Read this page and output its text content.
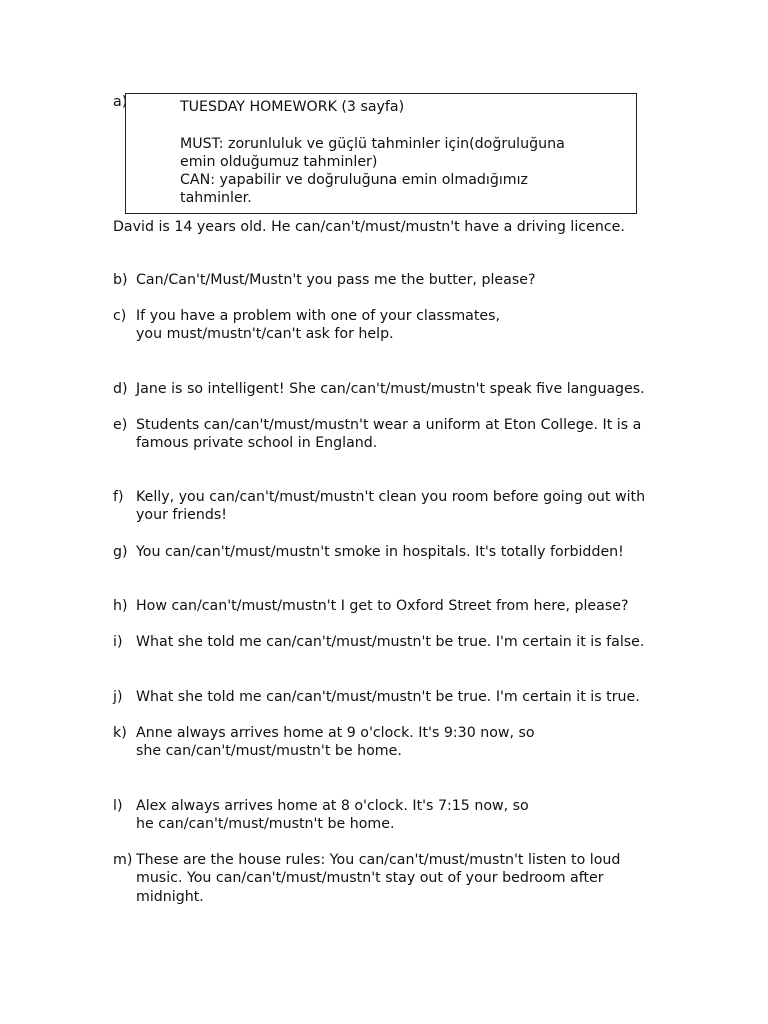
a)	TUESDAY HOMEWORK (3 sayfa)
MUST: zorunluluk ve güçlü tahminler için(doğruluğuna
emin olduğumuz tahminler)
CAN: yapabilir ve doğruluğuna emin olmadığımız
tahminler.
David is 14 years old. He can/can't/must/mustn't have a driving licence.
b) Can/Can't/Must/Mustn't you pass me the butter, please?
c) If you have a problem with one of your classmates,
you must/mustn't/can't ask for help.
d) Jane is so intelligent! She can/can't/must/mustn't speak five languages.
e) Students can/can't/must/mustn't wear a uniform at Eton College. It is a
famous private school in England.
f) Kelly, you can/can't/must/mustn't clean you room before going out with
your friends!
g) You can/can't/must/mustn't smoke in hospitals. It's totally forbidden!
h) How can/can't/must/mustn't I get to Oxford Street from here, please?
i) What she told me can/can't/must/mustn't be true. I'm certain it is false.
j) What she told me can/can't/must/mustn't be true. I'm certain it is true.
k) Anne always arrives home at 9 o'clock. It's 9:30 now, so
she can/can't/must/mustn't be home.
l) Alex always arrives home at 8 o'clock. It's 7:15 now, so
he can/can't/must/mustn't be home.
m) These are the house rules: You can/can't/must/mustn't listen to loud
music. You can/can't/must/mustn't stay out of your bedroom after
midnight.
